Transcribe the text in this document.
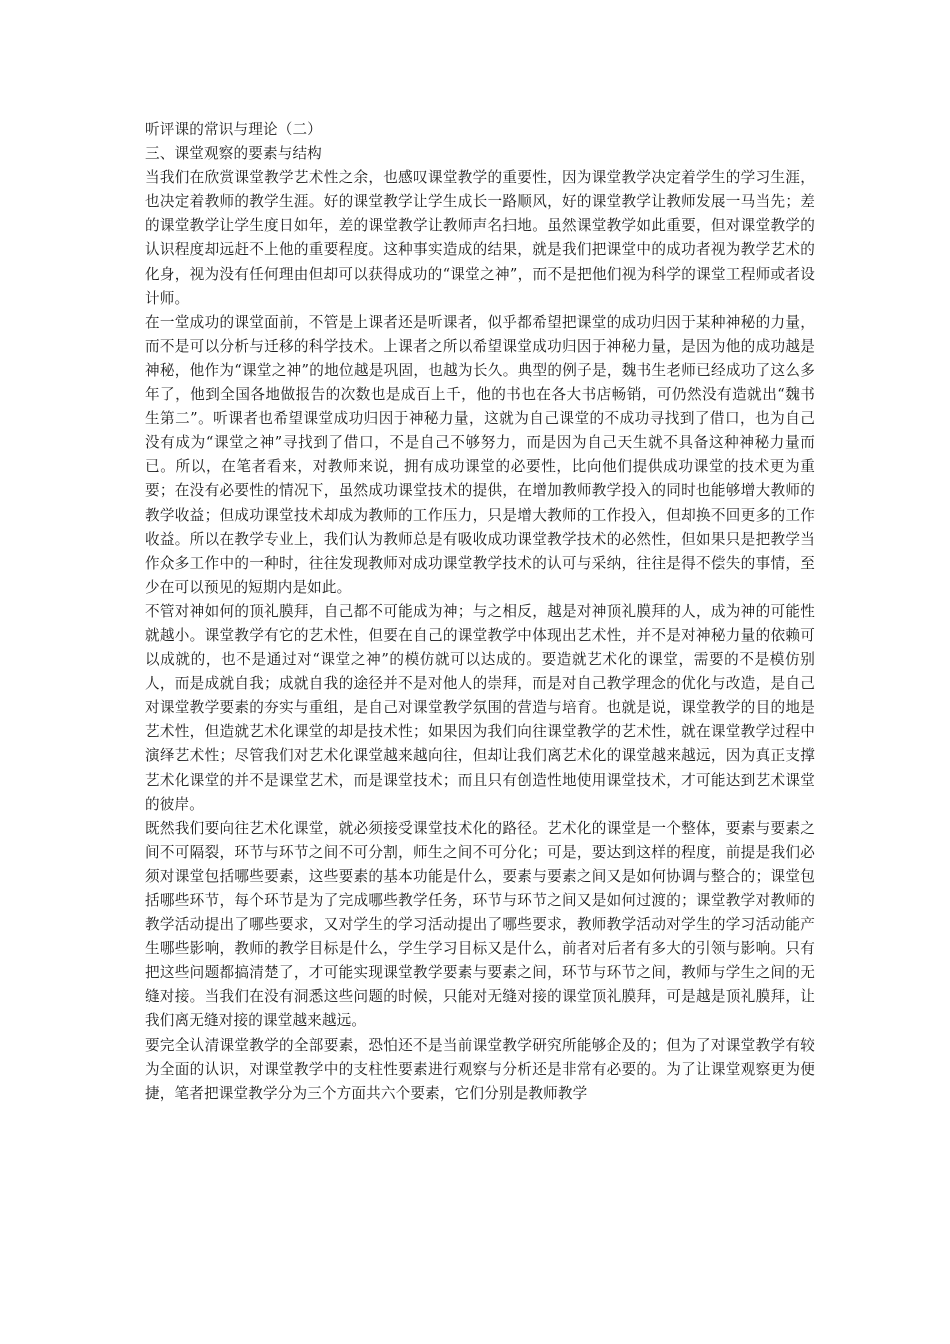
听评课的常识与理论（二）

三、课堂观察的要素与结构

当我们在欣赏课堂教学艺术性之余，也感叹课堂教学的重要性，因为课堂教学决定着学生的学习生涯，也决定着教师的教学生涯。好的课堂教学让学生成长一路顺风，好的课堂教学让教师发展一马当先；差的课堂教学让学生度日如年，差的课堂教学让教师声名扫地。虽然课堂教学如此重要，但对课堂教学的认识程度却远赶不上他的重要程度。这种事实造成的结果，就是我们把课堂中的成功者视为教学艺术的化身，视为没有任何理由但却可以获得成功的“课堂之神”，而不是把他们视为科学的课堂工程师或者设计师。

在一堂成功的课堂面前，不管是上课者还是听课者，似乎都希望把课堂的成功归因于某种神秘的力量，而不是可以分析与迁移的科学技术。上课者之所以希望课堂成功归因于神秘力量，是因为他的成功越是神秘，他作为“课堂之神”的地位越是巩固，也越为长久。典型的例子是，魏书生老师已经成功了这么多年了，他到全国各地做报告的次数也是成百上千，他的书也在各大书店畅销，可仍然没有造就出“魏书生第二”。听课者也希望课堂成功归因于神秘力量，这就为自己课堂的不成功寻找到了借口，也为自己没有成为“课堂之神”寻找到了借口，不是自己不够努力，而是因为自己天生就不具备这种神秘力量而已。所以，在笔者看来，对教师来说，拥有成功课堂的必要性，比向他们提供成功课堂的技术更为重要；在没有必要性的情况下，虽然成功课堂技术的提供，在增加教师教学投入的同时也能够增大教师的教学收益；但成功课堂技术却成为教师的工作压力，只是增大教师的工作投入，但却换不回更多的工作收益。所以在教学专业上，我们认为教师总是有吸收成功课堂教学技术的必然性，但如果只是把教学当作众多工作中的一种时，往往发现教师对成功课堂教学技术的认可与采纳，往往是得不偿失的事情，至少在可以预见的短期内是如此。

不管对神如何的顶礼膜拜，自己都不可能成为神；与之相反，越是对神顶礼膜拜的人，成为神的可能性就越小。课堂教学有它的艺术性，但要在自己的课堂教学中体现出艺术性，并不是对神秘力量的依赖可以成就的，也不是通过对“课堂之神”的模仿就可以达成的。要造就艺术化的课堂，需要的不是模仿别人，而是成就自我；成就自我的途径并不是对他人的崇拜，而是对自己教学理念的优化与改造，是自己对课堂教学要素的夯实与重组，是自己对课堂教学氛围的营造与培育。也就是说，课堂教学的目的地是艺术性，但造就艺术化课堂的却是技术性；如果因为我们向往课堂教学的艺术性，就在课堂教学过程中演绎艺术性；尽管我们对艺术化课堂越来越向往，但却让我们离艺术化的课堂越来越远，因为真正支撑艺术化课堂的并不是课堂艺术，而是课堂技术；而且只有创造性地使用课堂技术，才可能达到艺术课堂的彼岸。

既然我们要向往艺术化课堂，就必须接受课堂技术化的路径。艺术化的课堂是一个整体，要素与要素之间不可隔裂，环节与环节之间不可分割，师生之间不可分化；可是，要达到这样的程度，前提是我们必须对课堂包括哪些要素，这些要素的基本功能是什么，要素与要素之间又是如何协调与整合的；课堂包括哪些环节，每个环节是为了完成哪些教学任务，环节与环节之间又是如何过渡的；课堂教学对教师的教学活动提出了哪些要求，又对学生的学习活动提出了哪些要求，教师教学活动对学生的学习活动能产生哪些影响，教师的教学目标是什么，学生学习目标又是什么，前者对后者有多大的引领与影响。只有把这些问题都搞清楚了，才可能实现课堂教学要素与要素之间，环节与环节之间，教师与学生之间的无缝对接。当我们在没有洞悉这些问题的时候，只能对无缝对接的课堂顶礼膜拜，可是越是顶礼膜拜，让我们离无缝对接的课堂越来越远。

要完全认清课堂教学的全部要素，恐怕还不是当前课堂教学研究所能够企及的；但为了对课堂教学有较为全面的认识，对课堂教学中的支柱性要素进行观察与分析还是非常有必要的。为了让课堂观察更为便捷，笔者把课堂教学分为三个方面共六个要素，它们分别是教师教学
